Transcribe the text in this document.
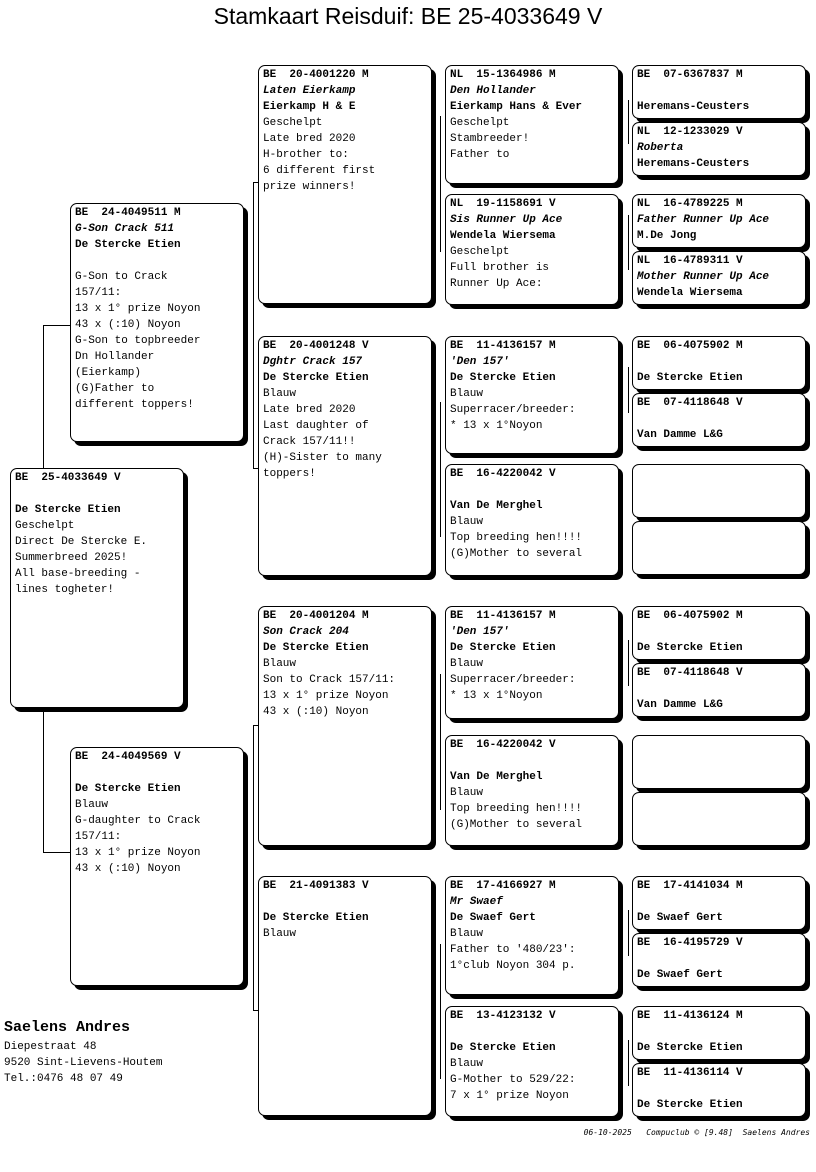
Stamkaart Reisduif: BE 25-4033649 V
BE  25-4033649 V
De Stercke Etien
Geschelpt
Direct De Stercke E.
Summerbreed 2025!
All base-breeding -
lines togheter!
BE  24-4049511 M
G-Son Crack 511
De Stercke Etien
G-Son to Crack
157/11:
13 x 1° prize Noyon
43 x (:10) Noyon
G-Son to topbreeder
Dn Hollander
(Eierkamp)
(G)Father to
different toppers!
BE  24-4049569 V
De Stercke Etien
Blauw
G-daughter to Crack
157/11:
13 x 1° prize Noyon
43 x (:10) Noyon
BE  20-4001220 M
Laten Eierkamp
Eierkamp H & E
Geschelpt
Late bred 2020
H-brother to:
6 different first
prize winners!
BE  20-4001248 V
Dghtr Crack 157
De Stercke Etien
Blauw
Late bred 2020
Last daughter of
Crack 157/11!!
(H)-Sister to many
toppers!
BE  20-4001204 M
Son Crack 204
De Stercke Etien
Blauw
Son to Crack 157/11:
13 x 1° prize Noyon
43 x (:10) Noyon
BE  21-4091383 V
De Stercke Etien
Blauw
NL  15-1364986 M
Den Hollander
Eierkamp Hans & Ever
Geschelpt
Stambreeder!
Father to
NL  19-1158691 V
Sis Runner Up Ace
Wendela Wiersema
Geschelpt
Full brother is
Runner Up Ace:
BE  11-4136157 M
'Den 157'
De Stercke Etien
Blauw
Superracer/breeder:
* 13 x 1°Noyon
BE  16-4220042 V
Van De Merghel
Blauw
Top breeding hen!!!!
(G)Mother to several
BE  11-4136157 M
'Den 157'
De Stercke Etien
Blauw
Superracer/breeder:
* 13 x 1°Noyon
BE  16-4220042 V
Van De Merghel
Blauw
Top breeding hen!!!!
(G)Mother to several
BE  17-4166927 M
Mr Swaef
De Swaef Gert
Blauw
Father to '480/23':
1°club Noyon 304 p.
BE  13-4123132 V
De Stercke Etien
Blauw
G-Mother to 529/22:
7 x 1° prize Noyon
BE  07-6367837 M
Heremans-Ceusters
NL  12-1233029 V
Roberta
Heremans-Ceusters
NL  16-4789225 M
Father Runner Up Ace
M.De Jong
NL  16-4789311 V
Mother Runner Up Ace
Wendela Wiersema
BE  06-4075902 M
De Stercke Etien
BE  07-4118648 V
Van Damme L&G
BE  06-4075902 M
De Stercke Etien
BE  07-4118648 V
Van Damme L&G
BE  17-4141034 M
De Swaef Gert
BE  16-4195729 V
De Swaef Gert
BE  11-4136124 M
De Stercke Etien
BE  11-4136114 V
De Stercke Etien
Saelens Andres
Diepestraat 48
9520 Sint-Lievens-Houtem
Tel.:0476 48 07 49
06-10-2025   Compuclub © [9.48]  Saelens Andres
